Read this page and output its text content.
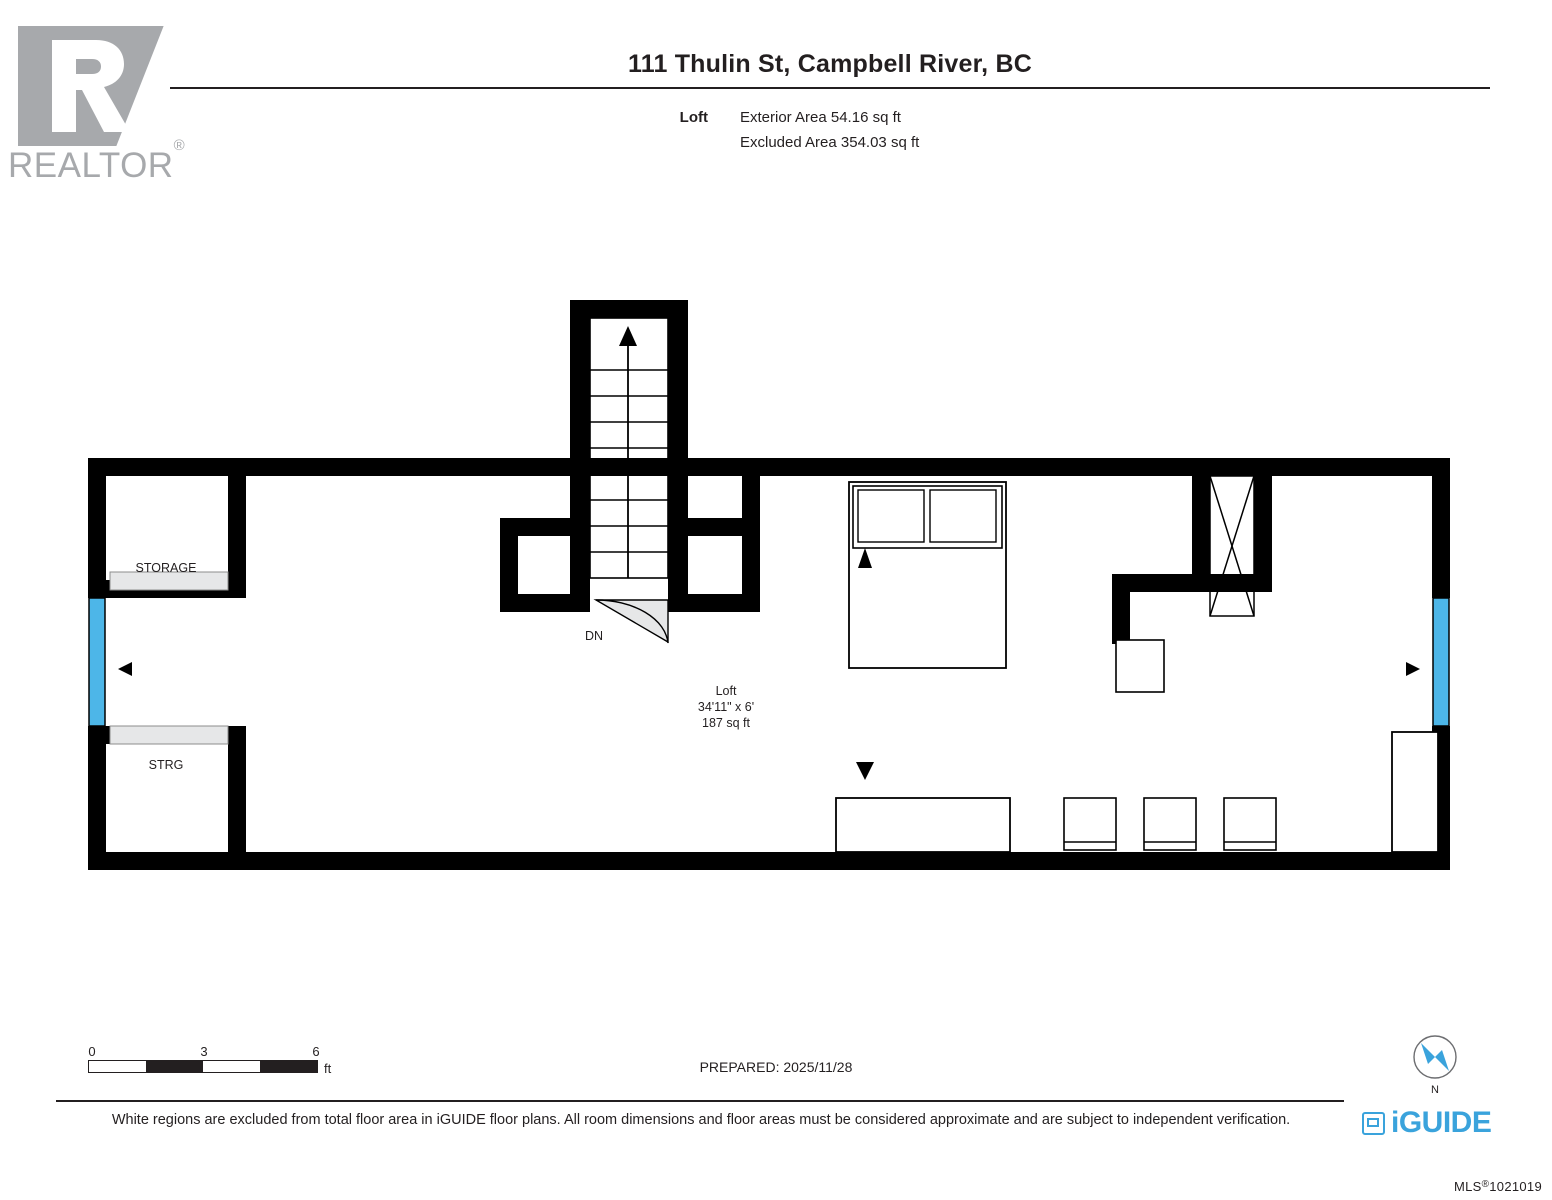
REALTOR®
111 Thulin St, Campbell River, BC
Loft	Exterior Area 54.16 sq ft
Excluded Area 354.03 sq ft
DN
STORAGE
STRG
Loft
34'11" x 6'
187 sq ft
0	3	6
ft	PREPARED: 2025/11/28
N
iGUIDE
White regions are excluded from total floor area in iGUIDE floor plans. All room dimensions and floor areas must be considered approximate and are subject to independent verification.
MLS®1021019
